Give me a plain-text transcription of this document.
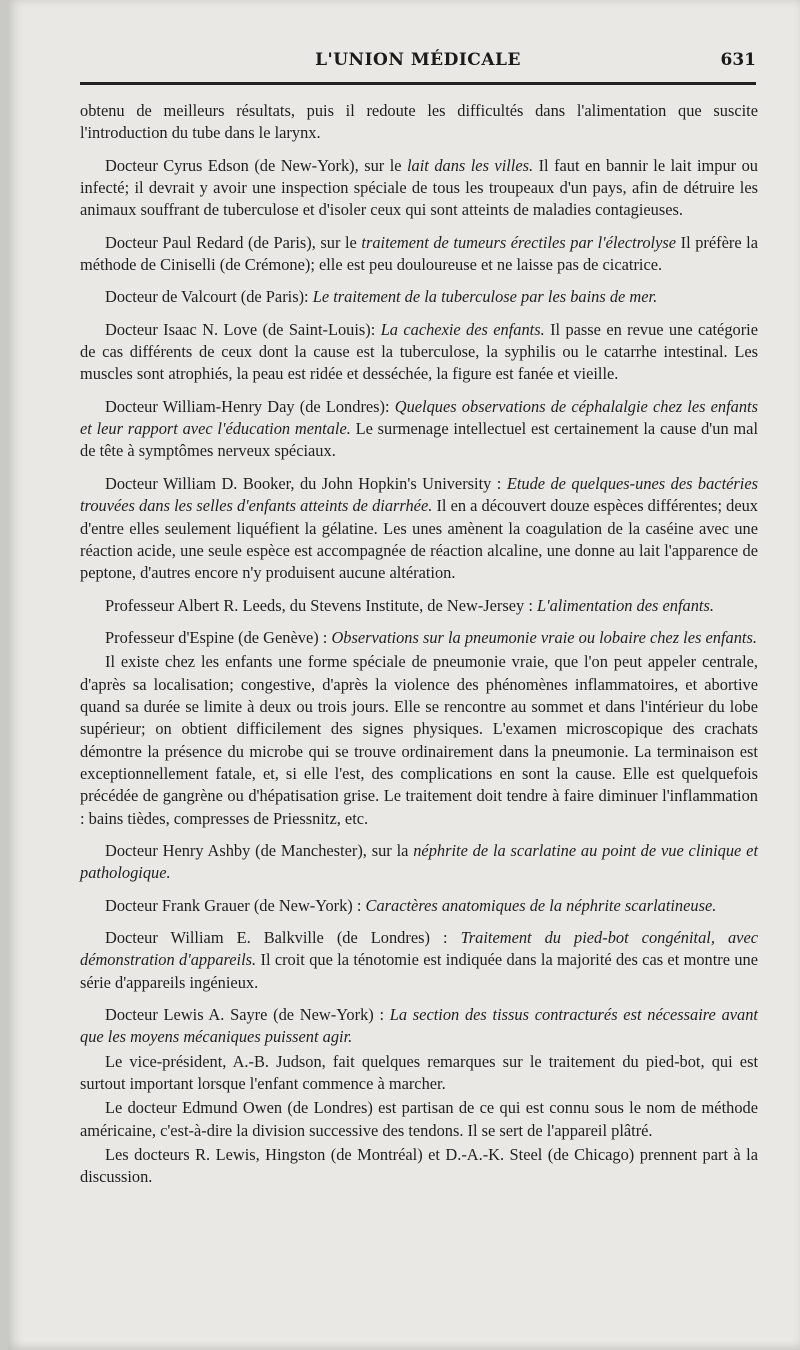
L'UNION MÉDICALE	631

obtenu de meilleurs résultats, puis il redoute les difficultés dans l'alimentation que suscite l'introduction du tube dans le larynx.

Docteur Cyrus Edson (de New-York), sur le lait dans les villes. Il faut en bannir le lait impur ou infecté; il devrait y avoir une inspection spéciale de tous les troupeaux d'un pays, afin de détruire les animaux souffrant de tuberculose et d'isoler ceux qui sont atteints de maladies contagieuses.

Docteur Paul Redard (de Paris), sur le traitement de tumeurs érectiles par l'électrolyse Il préfère la méthode de Ciniselli (de Crémone); elle est peu douloureuse et ne laisse pas de cicatrice.

Docteur de Valcourt (de Paris): Le traitement de la tuberculose par les bains de mer.

Docteur Isaac N. Love (de Saint-Louis): La cachexie des enfants. Il passe en revue une catégorie de cas différents de ceux dont la cause est la tuberculose, la syphilis ou le catarrhe intestinal. Les muscles sont atrophiés, la peau est ridée et desséchée, la figure est fanée et vieille.

Docteur William-Henry Day (de Londres): Quelques observations de céphalalgie chez les enfants et leur rapport avec l'éducation mentale. Le surmenage intellectuel est certainement la cause d'un mal de tête à symptômes nerveux spéciaux.

Docteur William D. Booker, du John Hopkin's University : Etude de quelques-unes des bactéries trouvées dans les selles d'enfants atteints de diarrhée. Il en a découvert douze espèces différentes; deux d'entre elles seulement liquéfient la gélatine. Les unes amènent la coagulation de la caséine avec une réaction acide, une seule espèce est accompagnée de réaction alcaline, une donne au lait l'apparence de peptone, d'autres encore n'y produisent aucune altération.

Professeur Albert R. Leeds, du Stevens Institute, de New-Jersey : L'alimentation des enfants.

Professeur d'Espine (de Genève) : Observations sur la pneumonie vraie ou lobaire chez les enfants.

Il existe chez les enfants une forme spéciale de pneumonie vraie, que l'on peut appeler centrale, d'après sa localisation; congestive, d'après la violence des phénomènes inflammatoires, et abortive quand sa durée se limite à deux ou trois jours. Elle se rencontre au sommet et dans l'intérieur du lobe supérieur; on obtient difficilement des signes physiques. L'examen microscopique des crachats démontre la présence du microbe qui se trouve ordinairement dans la pneumonie. La terminaison est exceptionnellement fatale, et, si elle l'est, des complications en sont la cause. Elle est quelquefois précédée de gangrène ou d'hépatisation grise. Le traitement doit tendre à faire diminuer l'inflammation : bains tièdes, compresses de Priessnitz, etc.

Docteur Henry Ashby (de Manchester), sur la néphrite de la scarlatine au point de vue clinique et pathologique.

Docteur Frank Grauer (de New-York) : Caractères anatomiques de la néphrite scarlatineuse.

Docteur William E. Balkville (de Londres) : Traitement du pied-bot congénital, avec démonstration d'appareils. Il croit que la ténotomie est indiquée dans la majorité des cas et montre une série d'appareils ingénieux.

Docteur Lewis A. Sayre (de New-York) : La section des tissus contracturés est nécessaire avant que les moyens mécaniques puissent agir.

Le vice-président, A.-B. Judson, fait quelques remarques sur le traitement du pied-bot, qui est surtout important lorsque l'enfant commence à marcher.

Le docteur Edmund Owen (de Londres) est partisan de ce qui est connu sous le nom de méthode américaine, c'est-à-dire la division successive des tendons. Il se sert de l'appareil plâtré.

Les docteurs R. Lewis, Hingston (de Montréal) et D.-A.-K. Steel (de Chicago) prennent part à la discussion.
